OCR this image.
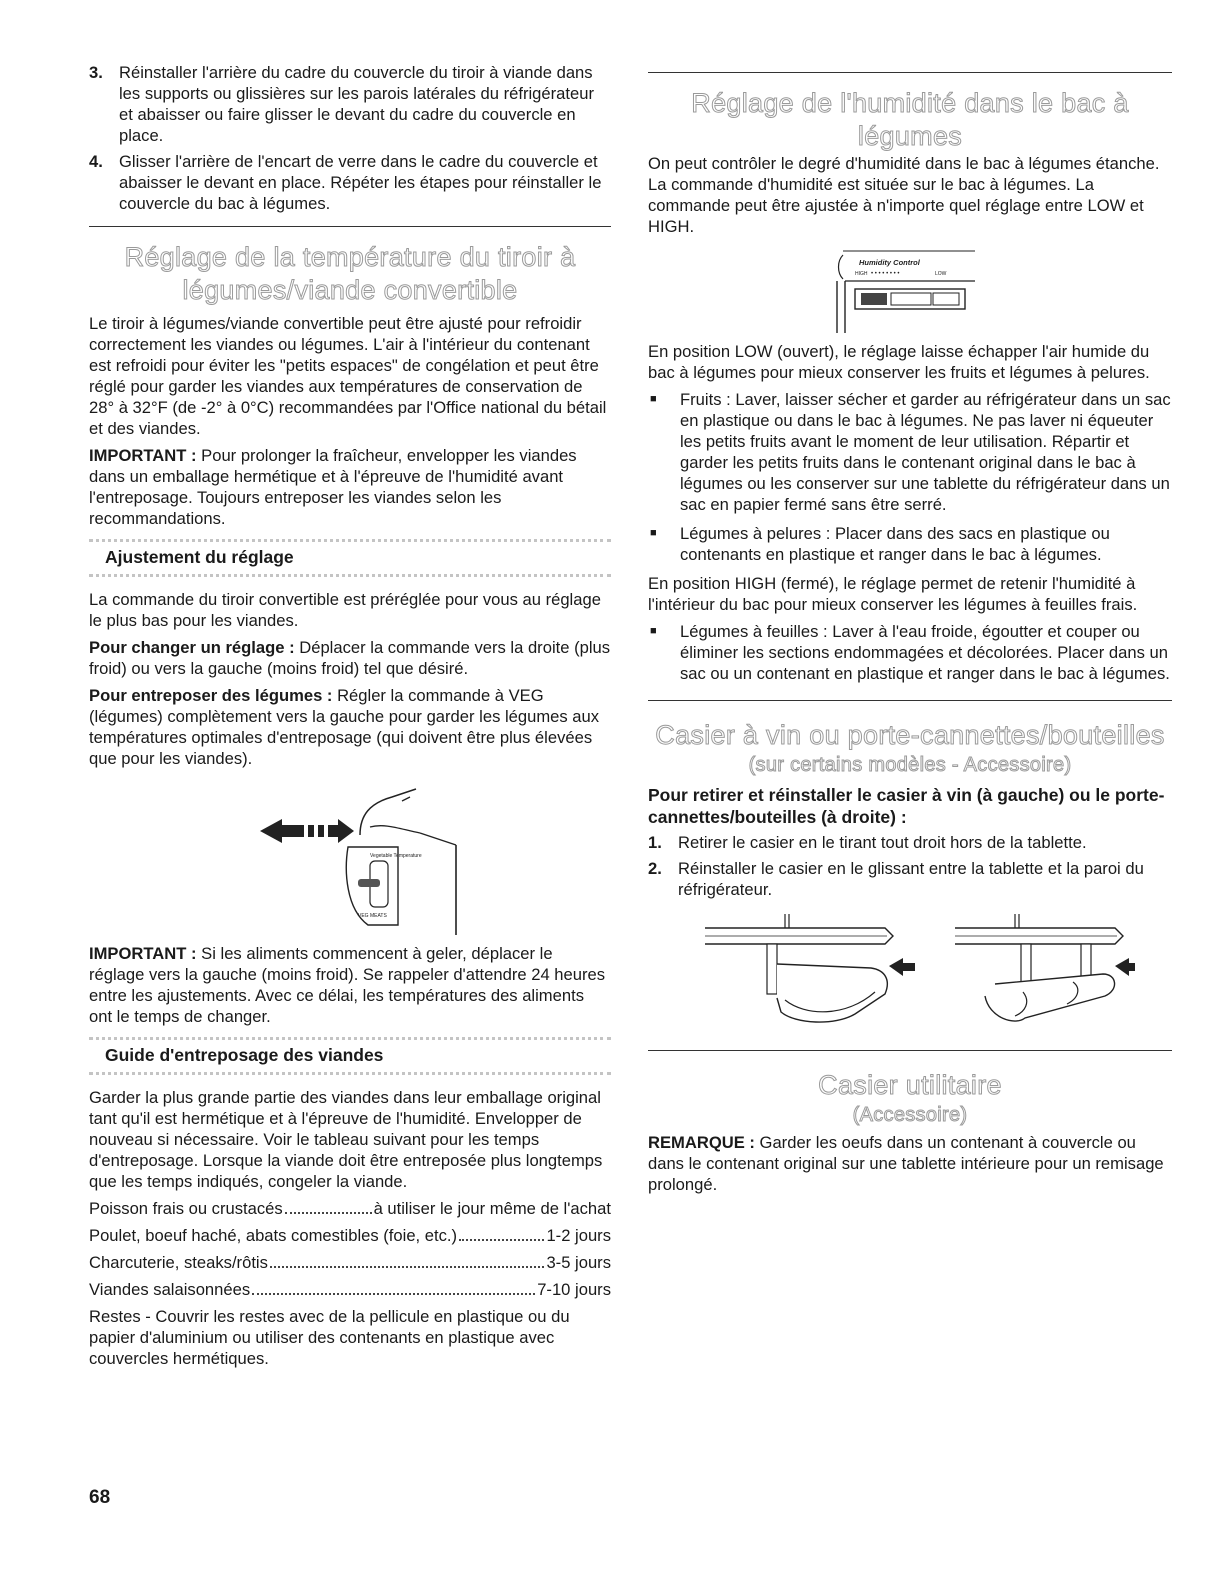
3. Réinstaller l'arrière du cadre du couvercle du tiroir à viande dans les supports ou glissières sur les parois latérales du réfrigérateur et abaisser ou faire glisser le devant du cadre du couvercle en place.
4. Glisser l'arrière de l'encart de verre dans le cadre du couvercle et abaisser le devant en place. Répéter les étapes pour réinstaller le couvercle du bac à légumes.
Réglage de la température du tiroir à
légumes/viande convertible

Le tiroir à légumes/viande convertible peut être ajusté pour refroidir correctement les viandes ou légumes. L'air à l'intérieur du contenant est refroidi pour éviter les "petits espaces" de congélation et peut être réglé pour garder les viandes aux températures de conservation de 28° à 32°F (de -2° à 0°C) recommandées par l'Office national du bétail et des viandes.

IMPORTANT : Pour prolonger la fraîcheur, envelopper les viandes dans un emballage hermétique et à l'épreuve de l'humidité avant l'entreposage. Toujours entreposer les viandes selon les recommandations.

Ajustement du réglage

La commande du tiroir convertible est préréglée pour vous au réglage le plus bas pour les viandes.

Pour changer un réglage : Déplacer la commande vers la droite (plus froid) ou vers la gauche (moins froid) tel que désiré.

Pour entreposer des légumes : Régler la commande à VEG (légumes) complètement vers la gauche pour garder les légumes aux températures optimales d'entreposage (qui doivent être plus élevées que pour les viandes).

Vegetable Temperature
VEG MEATS

IMPORTANT : Si les aliments commencent à geler, déplacer le réglage vers la gauche (moins froid). Se rappeler d'attendre 24 heures entre les ajustements. Avec ce délai, les températures des aliments ont le temps de changer.

Guide d'entreposage des viandes

Garder la plus grande partie des viandes dans leur emballage original tant qu'il est hermétique et à l'épreuve de l'humidité. Envelopper de nouveau si nécessaire. Voir le tableau suivant pour les temps d'entreposage. Lorsque la viande doit être entreposée plus longtemps que les temps indiqués, congeler la viande.

Poisson frais ou crustacés	à utiliser le jour même de l'achat
Poulet, boeuf haché, abats comestibles (foie, etc.)	1-2 jours
Charcuterie, steaks/rôtis	3-5 jours
Viandes salaisonnées	7-10 jours

Restes - Couvrir les restes avec de la pellicule en plastique ou du papier d'aluminium ou utiliser des contenants en plastique avec couvercles hermétiques.

Réglage de l'humidité dans le bac à
légumes

On peut contrôler le degré d'humidité dans le bac à légumes étanche. La commande d'humidité est située sur le bac à légumes. La commande peut être ajustée à n'importe quel réglage entre LOW et HIGH.

Humidity Control
HIGH • • • • • • • •	LOW

En position LOW (ouvert), le réglage laisse échapper l'air humide du bac à légumes pour mieux conserver les fruits et légumes à pelures.

■	Fruits : Laver, laisser sécher et garder au réfrigérateur dans un sac en plastique ou dans le bac à légumes. Ne pas laver ni équeuter les petits fruits avant le moment de leur utilisation. Répartir et garder les petits fruits dans le contenant original dans le bac à légumes ou les conserver sur une tablette du réfrigérateur dans un sac en papier fermé sans être serré.
■	Légumes à pelures : Placer dans des sacs en plastique ou contenants en plastique et ranger dans le bac à légumes.

En position HIGH (fermé), le réglage permet de retenir l'humidité à l'intérieur du bac pour mieux conserver les légumes à feuilles frais.

■	Légumes à feuilles : Laver à l'eau froide, égoutter et couper ou éliminer les sections endommagées et décolorées. Placer dans un sac ou un contenant en plastique et ranger dans le bac à légumes.
Casier à vin ou porte-cannettes/bouteilles
(sur certains modèles - Accessoire)
Pour retirer et réinstaller le casier à vin (à gauche) ou le porte-cannettes/bouteilles (à droite) :
1. Retirer le casier en le tirant tout droit hors de la tablette.
2. Réinstaller le casier en le glissant entre la tablette et la paroi du réfrigérateur.
Casier utilitaire
(Accessoire)

REMARQUE : Garder les oeufs dans un contenant à couvercle ou dans le contenant original sur une tablette intérieure pour un remisage prolongé.

68
